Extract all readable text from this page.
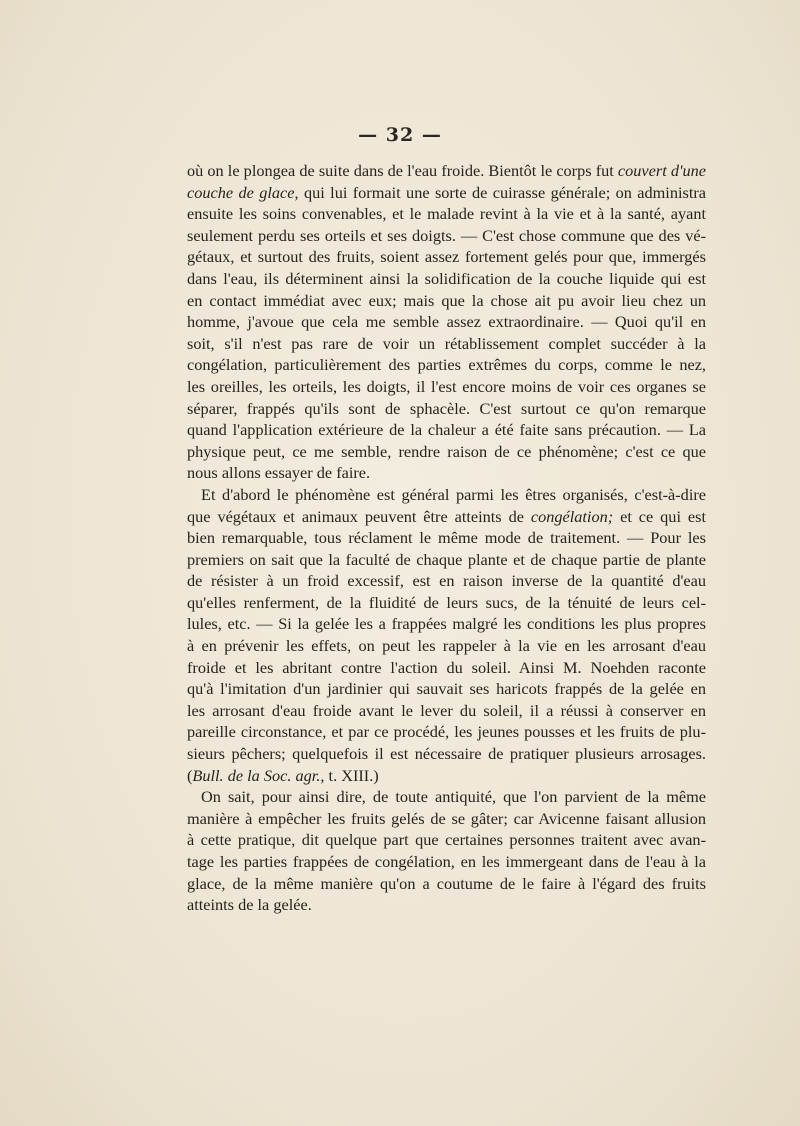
— 32 —
où on le plongea de suite dans de l'eau froide. Bientôt le corps fut couvert d'une
couche de glace, qui lui formait une sorte de cuirasse générale; on administra
ensuite les soins convenables, et le malade revint à la vie et à la santé, ayant
seulement perdu ses orteils et ses doigts. — C'est chose commune que des vé-
gétaux, et surtout des fruits, soient assez fortement gelés pour que, immergés
dans l'eau, ils déterminent ainsi la solidification de la couche liquide qui est
en contact immédiat avec eux; mais que la chose ait pu avoir lieu chez un
homme, j'avoue que cela me semble assez extraordinaire. — Quoi qu'il en
soit, s'il n'est pas rare de voir un rétablissement complet succéder à la
congélation, particulièrement des parties extrêmes du corps, comme le nez,
les oreilles, les orteils, les doigts, il l'est encore moins de voir ces organes se
séparer, frappés qu'ils sont de sphacèle. C'est surtout ce qu'on remarque
quand l'application extérieure de la chaleur a été faite sans précaution. — La
physique peut, ce me semble, rendre raison de ce phénomène; c'est ce que
nous allons essayer de faire.
Et d'abord le phénomène est général parmi les êtres organisés, c'est-à-dire
que végétaux et animaux peuvent être atteints de congélation; et ce qui est
bien remarquable, tous réclament le même mode de traitement. — Pour les
premiers on sait que la faculté de chaque plante et de chaque partie de plante
de résister à un froid excessif, est en raison inverse de la quantité d'eau
qu'elles renferment, de la fluidité de leurs sucs, de la ténuité de leurs cel-
lules, etc. — Si la gelée les a frappées malgré les conditions les plus propres
à en prévenir les effets, on peut les rappeler à la vie en les arrosant d'eau
froide et les abritant contre l'action du soleil. Ainsi M. Noehden raconte
qu'à l'imitation d'un jardinier qui sauvait ses haricots frappés de la gelée en
les arrosant d'eau froide avant le lever du soleil, il a réussi à conserver en
pareille circonstance, et par ce procédé, les jeunes pousses et les fruits de plu-
sieurs pêchers; quelquefois il est nécessaire de pratiquer plusieurs arrosages.
(Bull. de la Soc. agr., t. XIII.)
On sait, pour ainsi dire, de toute antiquité, que l'on parvient de la même
manière à empêcher les fruits gelés de se gâter; car Avicenne faisant allusion
à cette pratique, dit quelque part que certaines personnes traitent avec avan-
tage les parties frappées de congélation, en les immergeant dans de l'eau à la
glace, de la même manière qu'on a coutume de le faire à l'égard des fruits
atteints de la gelée.
